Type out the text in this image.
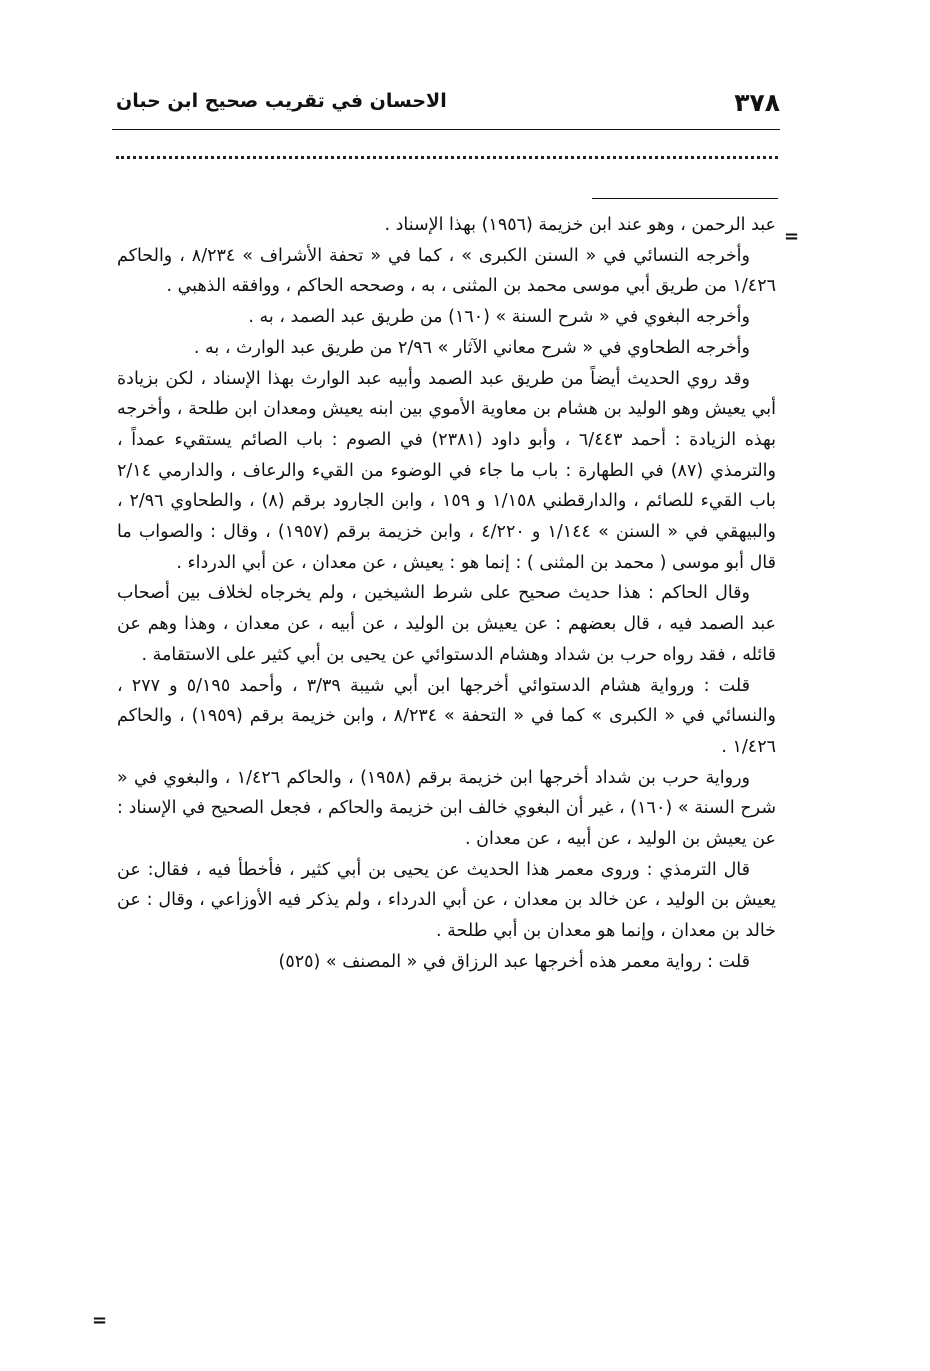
٣٧٨
الاحسان في تقريب صحيح ابن حبان
=
=

عبد الرحمن ، وهو عند ابن خزيمة (١٩٥٦) بهذا الإسناد .

وأخرجه النسائي في « السنن الكبرى » ، كما في « تحفة الأشراف » ٨/٢٣٤ ، والحاكم ١/٤٢٦ من طريق أبي موسى محمد بن المثنى ، به ، وصححه الحاكم ، ووافقه الذهبي .

وأخرجه البغوي في « شرح السنة » (١٦٠) من طريق عبد الصمد ، به .

وأخرجه الطحاوي في « شرح معاني الآثار » ٢/٩٦ من طريق عبد الوارث ، به .

وقد روي الحديث أيضاً من طريق عبد الصمد وأبيه عبد الوارث بهذا الإسناد ، لكن بزيادة أبي يعيش وهو الوليد بن هشام بن معاوية الأموي بين ابنه يعيش ومعدان ابن طلحة ، وأخرجه بهذه الزيادة : أحمد ٦/٤٤٣ ، وأبو داود (٢٣٨١) في الصوم : باب الصائم يستقيء عمداً ، والترمذي (٨٧) في الطهارة : باب ما جاء في الوضوء من القيء والرعاف ، والدارمي ٢/١٤ باب القيء للصائم ، والدارقطني ١/١٥٨ و ١٥٩ ، وابن الجارود برقم (٨) ، والطحاوي ٢/٩٦ ، والبيهقي في « السنن » ١/١٤٤ و ٤/٢٢٠ ، وابن خزيمة برقم (١٩٥٧) ، وقال : والصواب ما قال أبو موسى ( محمد بن المثنى ) : إنما هو : يعيش ، عن معدان ، عن أبي الدرداء .

وقال الحاكم : هذا حديث صحيح على شرط الشيخين ، ولم يخرجاه لخلاف بين أصحاب عبد الصمد فيه ، قال بعضهم : عن يعيش بن الوليد ، عن أبيه ، عن معدان ، وهذا وهم عن قائله ، فقد رواه حرب بن شداد وهشام الدستوائي عن يحيى بن أبي كثير على الاستقامة .

قلت : ورواية هشام الدستوائي أخرجها ابن أبي شيبة ٣/٣٩ ، وأحمد ٥/١٩٥ و ٢٧٧ ، والنسائي في « الكبرى » كما في « التحفة » ٨/٢٣٤ ، وابن خزيمة برقم (١٩٥٩) ، والحاكم ١/٤٢٦ .

ورواية حرب بن شداد أخرجها ابن خزيمة برقم (١٩٥٨) ، والحاكم ١/٤٢٦ ، والبغوي في « شرح السنة » (١٦٠) ، غير أن البغوي خالف ابن خزيمة والحاكم ، فجعل الصحيح في الإسناد : عن يعيش بن الوليد ، عن أبيه ، عن معدان .

قال الترمذي : وروى معمر هذا الحديث عن يحيى بن أبي كثير ، فأخطأ فيه ، فقال: عن يعيش بن الوليد ، عن خالد بن معدان ، عن أبي الدرداء ، ولم يذكر فيه الأوزاعي ، وقال : عن خالد بن معدان ، وإنما هو معدان بن أبي طلحة .

قلت : رواية معمر هذه أخرجها عبد الرزاق في « المصنف » (٥٢٥)
